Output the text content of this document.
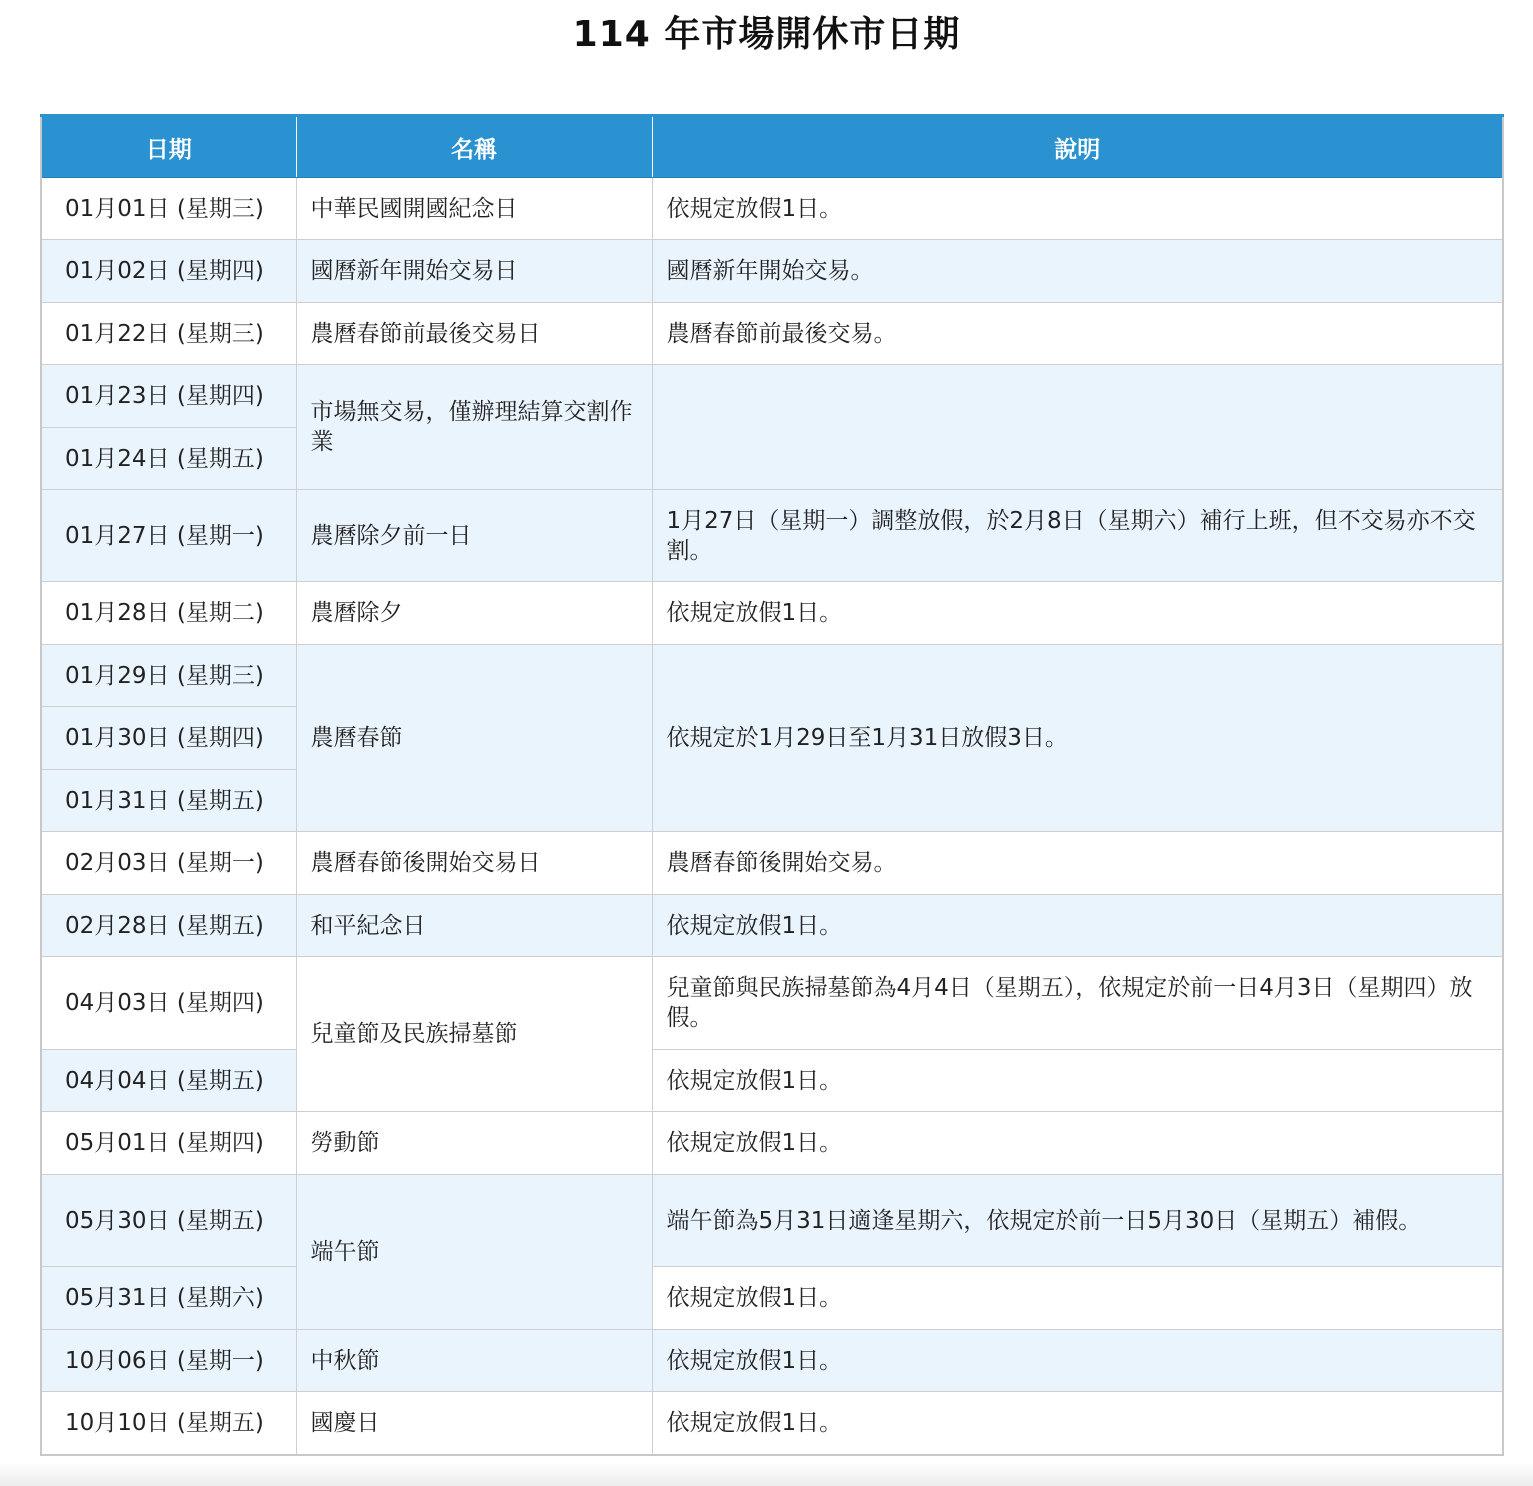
114 年市場開休市日期
日期	名稱	說明
01月01日 (星期三)	中華民國開國紀念日	依規定放假1日。
01月02日 (星期四)	國曆新年開始交易日	國曆新年開始交易。
01月22日 (星期三)	農曆春節前最後交易日	農曆春節前最後交易。
01月23日 (星期四)	市場無交易，僅辦理結算交割作業	
01月24日 (星期五)		
01月27日 (星期一)	農曆除夕前一日	1月27日（星期一）調整放假，於2月8日（星期六）補行上班，但不交易亦不交割。
01月28日 (星期二)	農曆除夕	依規定放假1日。
01月29日 (星期三)	農曆春節	依規定於1月29日至1月31日放假3日。
01月30日 (星期四)		
01月31日 (星期五)		
02月03日 (星期一)	農曆春節後開始交易日	農曆春節後開始交易。
02月28日 (星期五)	和平紀念日	依規定放假1日。
04月03日 (星期四)	兒童節及民族掃墓節	兒童節與民族掃墓節為4月4日（星期五），依規定於前一日4月3日（星期四）放假。
04月04日 (星期五)		依規定放假1日。
05月01日 (星期四)	勞動節	依規定放假1日。
05月30日 (星期五)	端午節	端午節為5月31日適逢星期六，依規定於前一日5月30日（星期五）補假。
05月31日 (星期六)		依規定放假1日。
10月06日 (星期一)	中秋節	依規定放假1日。
10月10日 (星期五)	國慶日	依規定放假1日。
